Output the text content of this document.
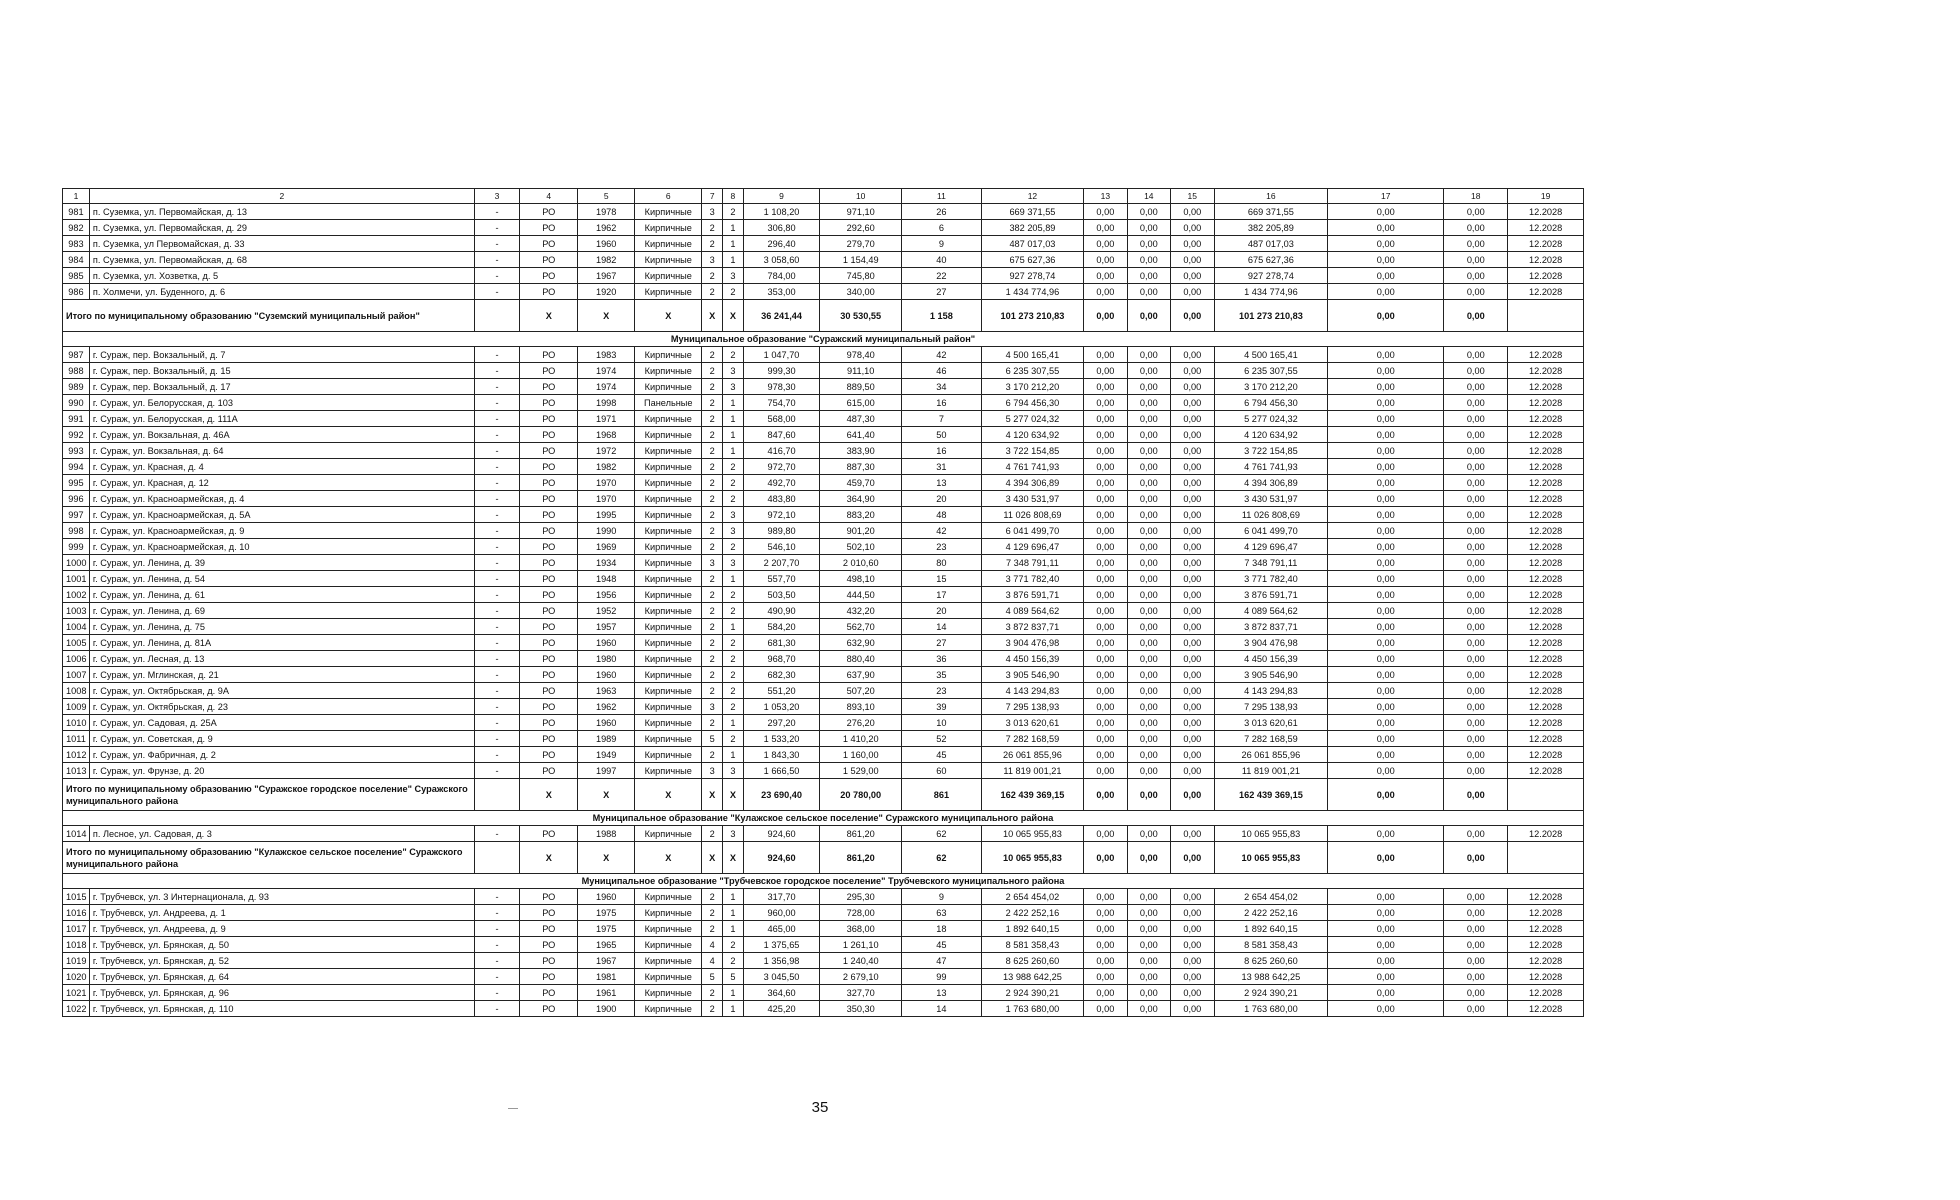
1	2	3	4	5	6	7	8	9	10	11	12	13	14	15	16	17	18	19
981	п. Суземка, ул. Первомайская, д. 13	-	РО	1978	Кирпичные	3	2	1 108,20	971,10	26	669 371,55	0,00	0,00	0,00	669 371,55	0,00	0,00	12.2028
982	п. Суземка, ул. Первомайская, д. 29	-	РО	1962	Кирпичные	2	1	306,80	292,60	6	382 205,89	0,00	0,00	0,00	382 205,89	0,00	0,00	12.2028
983	п. Суземка, ул Первомайская, д. 33	-	РО	1960	Кирпичные	2	1	296,40	279,70	9	487 017,03	0,00	0,00	0,00	487 017,03	0,00	0,00	12.2028
984	п. Суземка, ул. Первомайская, д. 68	-	РО	1982	Кирпичные	3	1	3 058,60	1 154,49	40	675 627,36	0,00	0,00	0,00	675 627,36	0,00	0,00	12.2028
985	п. Суземка, ул. Хозветка, д. 5	-	РО	1967	Кирпичные	2	3	784,00	745,80	22	927 278,74	0,00	0,00	0,00	927 278,74	0,00	0,00	12.2028
986	п. Холмечи, ул. Буденного, д. 6	-	РО	1920	Кирпичные	2	2	353,00	340,00	27	1 434 774,96	0,00	0,00	0,00	1 434 774,96	0,00	0,00	12.2028
Итого по муниципальному образованию "Суземский муниципальный район"			Х	Х	Х	Х	Х	36 241,44	30 530,55	1 158	101 273 210,83	0,00	0,00	0,00	101 273 210,83	0,00	0,00	
Муниципальное образование "Суражский муниципальный район"																		
987	г. Сураж, пер. Вокзальный, д. 7	-	РО	1983	Кирпичные	2	2	1 047,70	978,40	42	4 500 165,41	0,00	0,00	0,00	4 500 165,41	0,00	0,00	12.2028
988	г. Сураж, пер. Вокзальный, д. 15	-	РО	1974	Кирпичные	2	3	999,30	911,10	46	6 235 307,55	0,00	0,00	0,00	6 235 307,55	0,00	0,00	12.2028
989	г. Сураж, пер. Вокзальный, д. 17	-	РО	1974	Кирпичные	2	3	978,30	889,50	34	3 170 212,20	0,00	0,00	0,00	3 170 212,20	0,00	0,00	12.2028
990	г. Сураж, ул. Белорусская, д. 103	-	РО	1998	Панельные	2	1	754,70	615,00	16	6 794 456,30	0,00	0,00	0,00	6 794 456,30	0,00	0,00	12.2028
991	г. Сураж, ул. Белорусская, д. 111А	-	РО	1971	Кирпичные	2	1	568,00	487,30	7	5 277 024,32	0,00	0,00	0,00	5 277 024,32	0,00	0,00	12.2028
992	г. Сураж, ул. Вокзальная, д. 46А	-	РО	1968	Кирпичные	2	1	847,60	641,40	50	4 120 634,92	0,00	0,00	0,00	4 120 634,92	0,00	0,00	12.2028
993	г. Сураж, ул. Вокзальная, д. 64	-	РО	1972	Кирпичные	2	1	416,70	383,90	16	3 722 154,85	0,00	0,00	0,00	3 722 154,85	0,00	0,00	12.2028
994	г. Сураж, ул. Красная, д. 4	-	РО	1982	Кирпичные	2	2	972,70	887,30	31	4 761 741,93	0,00	0,00	0,00	4 761 741,93	0,00	0,00	12.2028
995	г. Сураж, ул. Красная, д. 12	-	РО	1970	Кирпичные	2	2	492,70	459,70	13	4 394 306,89	0,00	0,00	0,00	4 394 306,89	0,00	0,00	12.2028
996	г. Сураж, ул. Красноармейская, д. 4	-	РО	1970	Кирпичные	2	2	483,80	364,90	20	3 430 531,97	0,00	0,00	0,00	3 430 531,97	0,00	0,00	12.2028
997	г. Сураж, ул. Красноармейская, д. 5А	-	РО	1995	Кирпичные	2	3	972,10	883,20	48	11 026 808,69	0,00	0,00	0,00	11 026 808,69	0,00	0,00	12.2028
998	г. Сураж, ул. Красноармейская, д. 9	-	РО	1990	Кирпичные	2	3	989,80	901,20	42	6 041 499,70	0,00	0,00	0,00	6 041 499,70	0,00	0,00	12.2028
999	г. Сураж, ул. Красноармейская, д. 10	-	РО	1969	Кирпичные	2	2	546,10	502,10	23	4 129 696,47	0,00	0,00	0,00	4 129 696,47	0,00	0,00	12.2028
1000	г. Сураж, ул. Ленина, д. 39	-	РО	1934	Кирпичные	3	3	2 207,70	2 010,60	80	7 348 791,11	0,00	0,00	0,00	7 348 791,11	0,00	0,00	12.2028
1001	г. Сураж, ул. Ленина, д. 54	-	РО	1948	Кирпичные	2	1	557,70	498,10	15	3 771 782,40	0,00	0,00	0,00	3 771 782,40	0,00	0,00	12.2028
1002	г. Сураж, ул. Ленина, д. 61	-	РО	1956	Кирпичные	2	2	503,50	444,50	17	3 876 591,71	0,00	0,00	0,00	3 876 591,71	0,00	0,00	12.2028
1003	г. Сураж, ул. Ленина, д. 69	-	РО	1952	Кирпичные	2	2	490,90	432,20	20	4 089 564,62	0,00	0,00	0,00	4 089 564,62	0,00	0,00	12.2028
1004	г. Сураж, ул. Ленина, д. 75	-	РО	1957	Кирпичные	2	1	584,20	562,70	14	3 872 837,71	0,00	0,00	0,00	3 872 837,71	0,00	0,00	12.2028
1005	г. Сураж, ул. Ленина, д. 81А	-	РО	1960	Кирпичные	2	2	681,30	632,90	27	3 904 476,98	0,00	0,00	0,00	3 904 476,98	0,00	0,00	12.2028
1006	г. Сураж, ул. Лесная, д. 13	-	РО	1980	Кирпичные	2	2	968,70	880,40	36	4 450 156,39	0,00	0,00	0,00	4 450 156,39	0,00	0,00	12.2028
1007	г. Сураж, ул. Мглинская, д. 21	-	РО	1960	Кирпичные	2	2	682,30	637,90	35	3 905 546,90	0,00	0,00	0,00	3 905 546,90	0,00	0,00	12.2028
1008	г. Сураж, ул. Октябрьская, д. 9А	-	РО	1963	Кирпичные	2	2	551,20	507,20	23	4 143 294,83	0,00	0,00	0,00	4 143 294,83	0,00	0,00	12.2028
1009	г. Сураж, ул. Октябрьская, д. 23	-	РО	1962	Кирпичные	3	2	1 053,20	893,10	39	7 295 138,93	0,00	0,00	0,00	7 295 138,93	0,00	0,00	12.2028
1010	г. Сураж, ул. Садовая, д. 25А	-	РО	1960	Кирпичные	2	1	297,20	276,20	10	3 013 620,61	0,00	0,00	0,00	3 013 620,61	0,00	0,00	12.2028
1011	г. Сураж, ул. Советская, д. 9	-	РО	1989	Кирпичные	5	2	1 533,20	1 410,20	52	7 282 168,59	0,00	0,00	0,00	7 282 168,59	0,00	0,00	12.2028
1012	г. Сураж, ул. Фабричная, д. 2	-	РО	1949	Кирпичные	2	1	1 843,30	1 160,00	45	26 061 855,96	0,00	0,00	0,00	26 061 855,96	0,00	0,00	12.2028
1013	г. Сураж, ул. Фрунзе, д. 20	-	РО	1997	Кирпичные	3	3	1 666,50	1 529,00	60	11 819 001,21	0,00	0,00	0,00	11 819 001,21	0,00	0,00	12.2028
Итого по муниципальному образованию "Суражское городское поселение" Суражского муниципального района			Х	Х	Х	Х	Х	23 690,40	20 780,00	861	162 439 369,15	0,00	0,00	0,00	162 439 369,15	0,00	0,00	
Муниципальное образование "Кулажское сельское поселение" Суражского муниципального района																		
1014	п. Лесное, ул. Садовая, д. 3	-	РО	1988	Кирпичные	2	3	924,60	861,20	62	10 065 955,83	0,00	0,00	0,00	10 065 955,83	0,00	0,00	12.2028
Итого по муниципальному образованию "Кулажское сельское поселение" Суражского муниципального района			Х	Х	Х	Х	Х	924,60	861,20	62	10 065 955,83	0,00	0,00	0,00	10 065 955,83	0,00	0,00	
Муниципальное образование "Трубчевское городское поселение" Трубчевского муниципального района																		
1015	г. Трубчевск, ул. 3 Интернационала, д. 93	-	РО	1960	Кирпичные	2	1	317,70	295,30	9	2 654 454,02	0,00	0,00	0,00	2 654 454,02	0,00	0,00	12.2028
1016	г. Трубчевск, ул. Андреева, д. 1	-	РО	1975	Кирпичные	2	1	960,00	728,00	63	2 422 252,16	0,00	0,00	0,00	2 422 252,16	0,00	0,00	12.2028
1017	г. Трубчевск, ул. Андреева, д. 9	-	РО	1975	Кирпичные	2	1	465,00	368,00	18	1 892 640,15	0,00	0,00	0,00	1 892 640,15	0,00	0,00	12.2028
1018	г. Трубчевск, ул. Брянская, д. 50	-	РО	1965	Кирпичные	4	2	1 375,65	1 261,10	45	8 581 358,43	0,00	0,00	0,00	8 581 358,43	0,00	0,00	12.2028
1019	г. Трубчевск, ул. Брянская, д. 52	-	РО	1967	Кирпичные	4	2	1 356,98	1 240,40	47	8 625 260,60	0,00	0,00	0,00	8 625 260,60	0,00	0,00	12.2028
1020	г. Трубчевск, ул. Брянская, д. 64	-	РО	1981	Кирпичные	5	5	3 045,50	2 679,10	99	13 988 642,25	0,00	0,00	0,00	13 988 642,25	0,00	0,00	12.2028
1021	г. Трубчевск, ул. Брянская, д. 96	-	РО	1961	Кирпичные	2	1	364,60	327,70	13	2 924 390,21	0,00	0,00	0,00	2 924 390,21	0,00	0,00	12.2028
1022	г. Трубчевск, ул. Брянская, д. 110	-	РО	1900	Кирпичные	2	1	425,20	350,30	14	1 763 680,00	0,00	0,00	0,00	1 763 680,00	0,00	0,00	12.2028
35
